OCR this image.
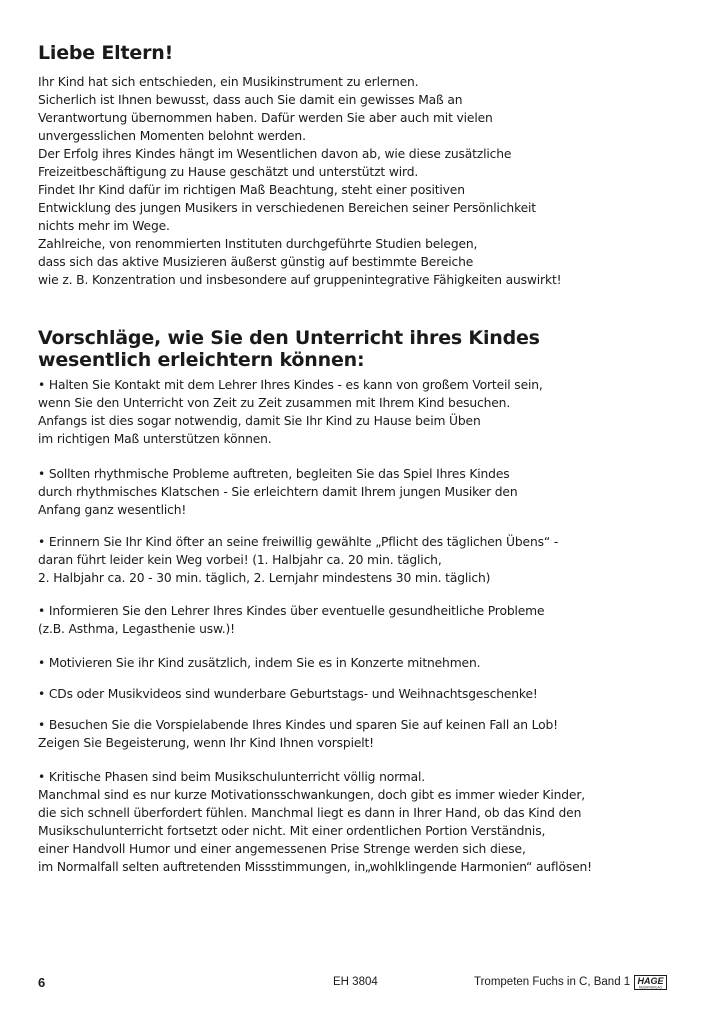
Liebe Eltern!

Ihr Kind hat sich entschieden, ein Musikinstrument zu erlernen.

Sicherlich ist Ihnen bewusst, dass auch Sie damit ein gewisses Maß an

Verantwortung übernommen haben. Dafür werden Sie aber auch mit vielen

unvergesslichen Momenten belohnt werden.

Der Erfolg ihres Kindes hängt im Wesentlichen davon ab, wie diese zusätzliche

Freizeitbeschäftigung zu Hause geschätzt und unterstützt wird.

Findet Ihr Kind dafür im richtigen Maß Beachtung, steht einer positiven

Entwicklung des jungen Musikers in verschiedenen Bereichen seiner Persönlichkeit

nichts mehr im Wege.

Zahlreiche, von renommierten Instituten durchgeführte Studien belegen,

dass sich das aktive Musizieren äußerst günstig auf bestimmte Bereiche

wie z. B. Konzentration und insbesondere auf gruppenintegrative Fähigkeiten auswirkt!

Vorschläge, wie Sie den Unterricht ihres Kindes
wesentlich erleichtern können:

• Halten Sie Kontakt mit dem Lehrer Ihres Kindes - es kann von großem Vorteil sein,

wenn Sie den Unterricht von Zeit zu Zeit zusammen mit Ihrem Kind besuchen.

Anfangs ist dies sogar notwendig, damit Sie Ihr Kind zu Hause beim Üben

im richtigen Maß unterstützen können.

• Sollten rhythmische Probleme auftreten, begleiten Sie das Spiel Ihres Kindes

durch rhythmisches Klatschen - Sie erleichtern damit Ihrem jungen Musiker den

Anfang ganz wesentlich!

• Erinnern Sie Ihr Kind öfter an seine freiwillig gewählte „Pflicht des täglichen Übens“ -

daran führt leider kein Weg vorbei! (1. Halbjahr ca. 20 min. täglich,

2. Halbjahr ca. 20 - 30 min. täglich, 2. Lernjahr mindestens 30 min. täglich)

• Informieren Sie den Lehrer Ihres Kindes über eventuelle gesundheitliche Probleme

(z.B. Asthma, Legasthenie usw.)!

• Motivieren Sie ihr Kind zusätzlich, indem Sie es in Konzerte mitnehmen.

• CDs oder Musikvideos sind wunderbare Geburtstags- und Weihnachtsgeschenke!

• Besuchen Sie die Vorspielabende Ihres Kindes und sparen Sie auf keinen Fall an Lob!

Zeigen Sie Begeisterung, wenn Ihr Kind Ihnen vorspielt!

• Kritische Phasen sind beim Musikschulunterricht völlig normal.

Manchmal sind es nur kurze Motivationsschwankungen, doch gibt es immer wieder Kinder,

die sich schnell überfordert fühlen. Manchmal liegt es dann in Ihrer Hand, ob das Kind den

Musikschulunterricht fortsetzt oder nicht. Mit einer ordentlichen Portion Verständnis,

einer Handvoll Humor und einer angemessenen Prise Strenge werden sich diese,

im Normalfall selten auftretenden Missstimmungen, in„wohlklingende Harmonien“ auflösen!

6	EH 3804	Trompeten Fuchs in C, Band 1 HAGE
MUSIKVERLAG
